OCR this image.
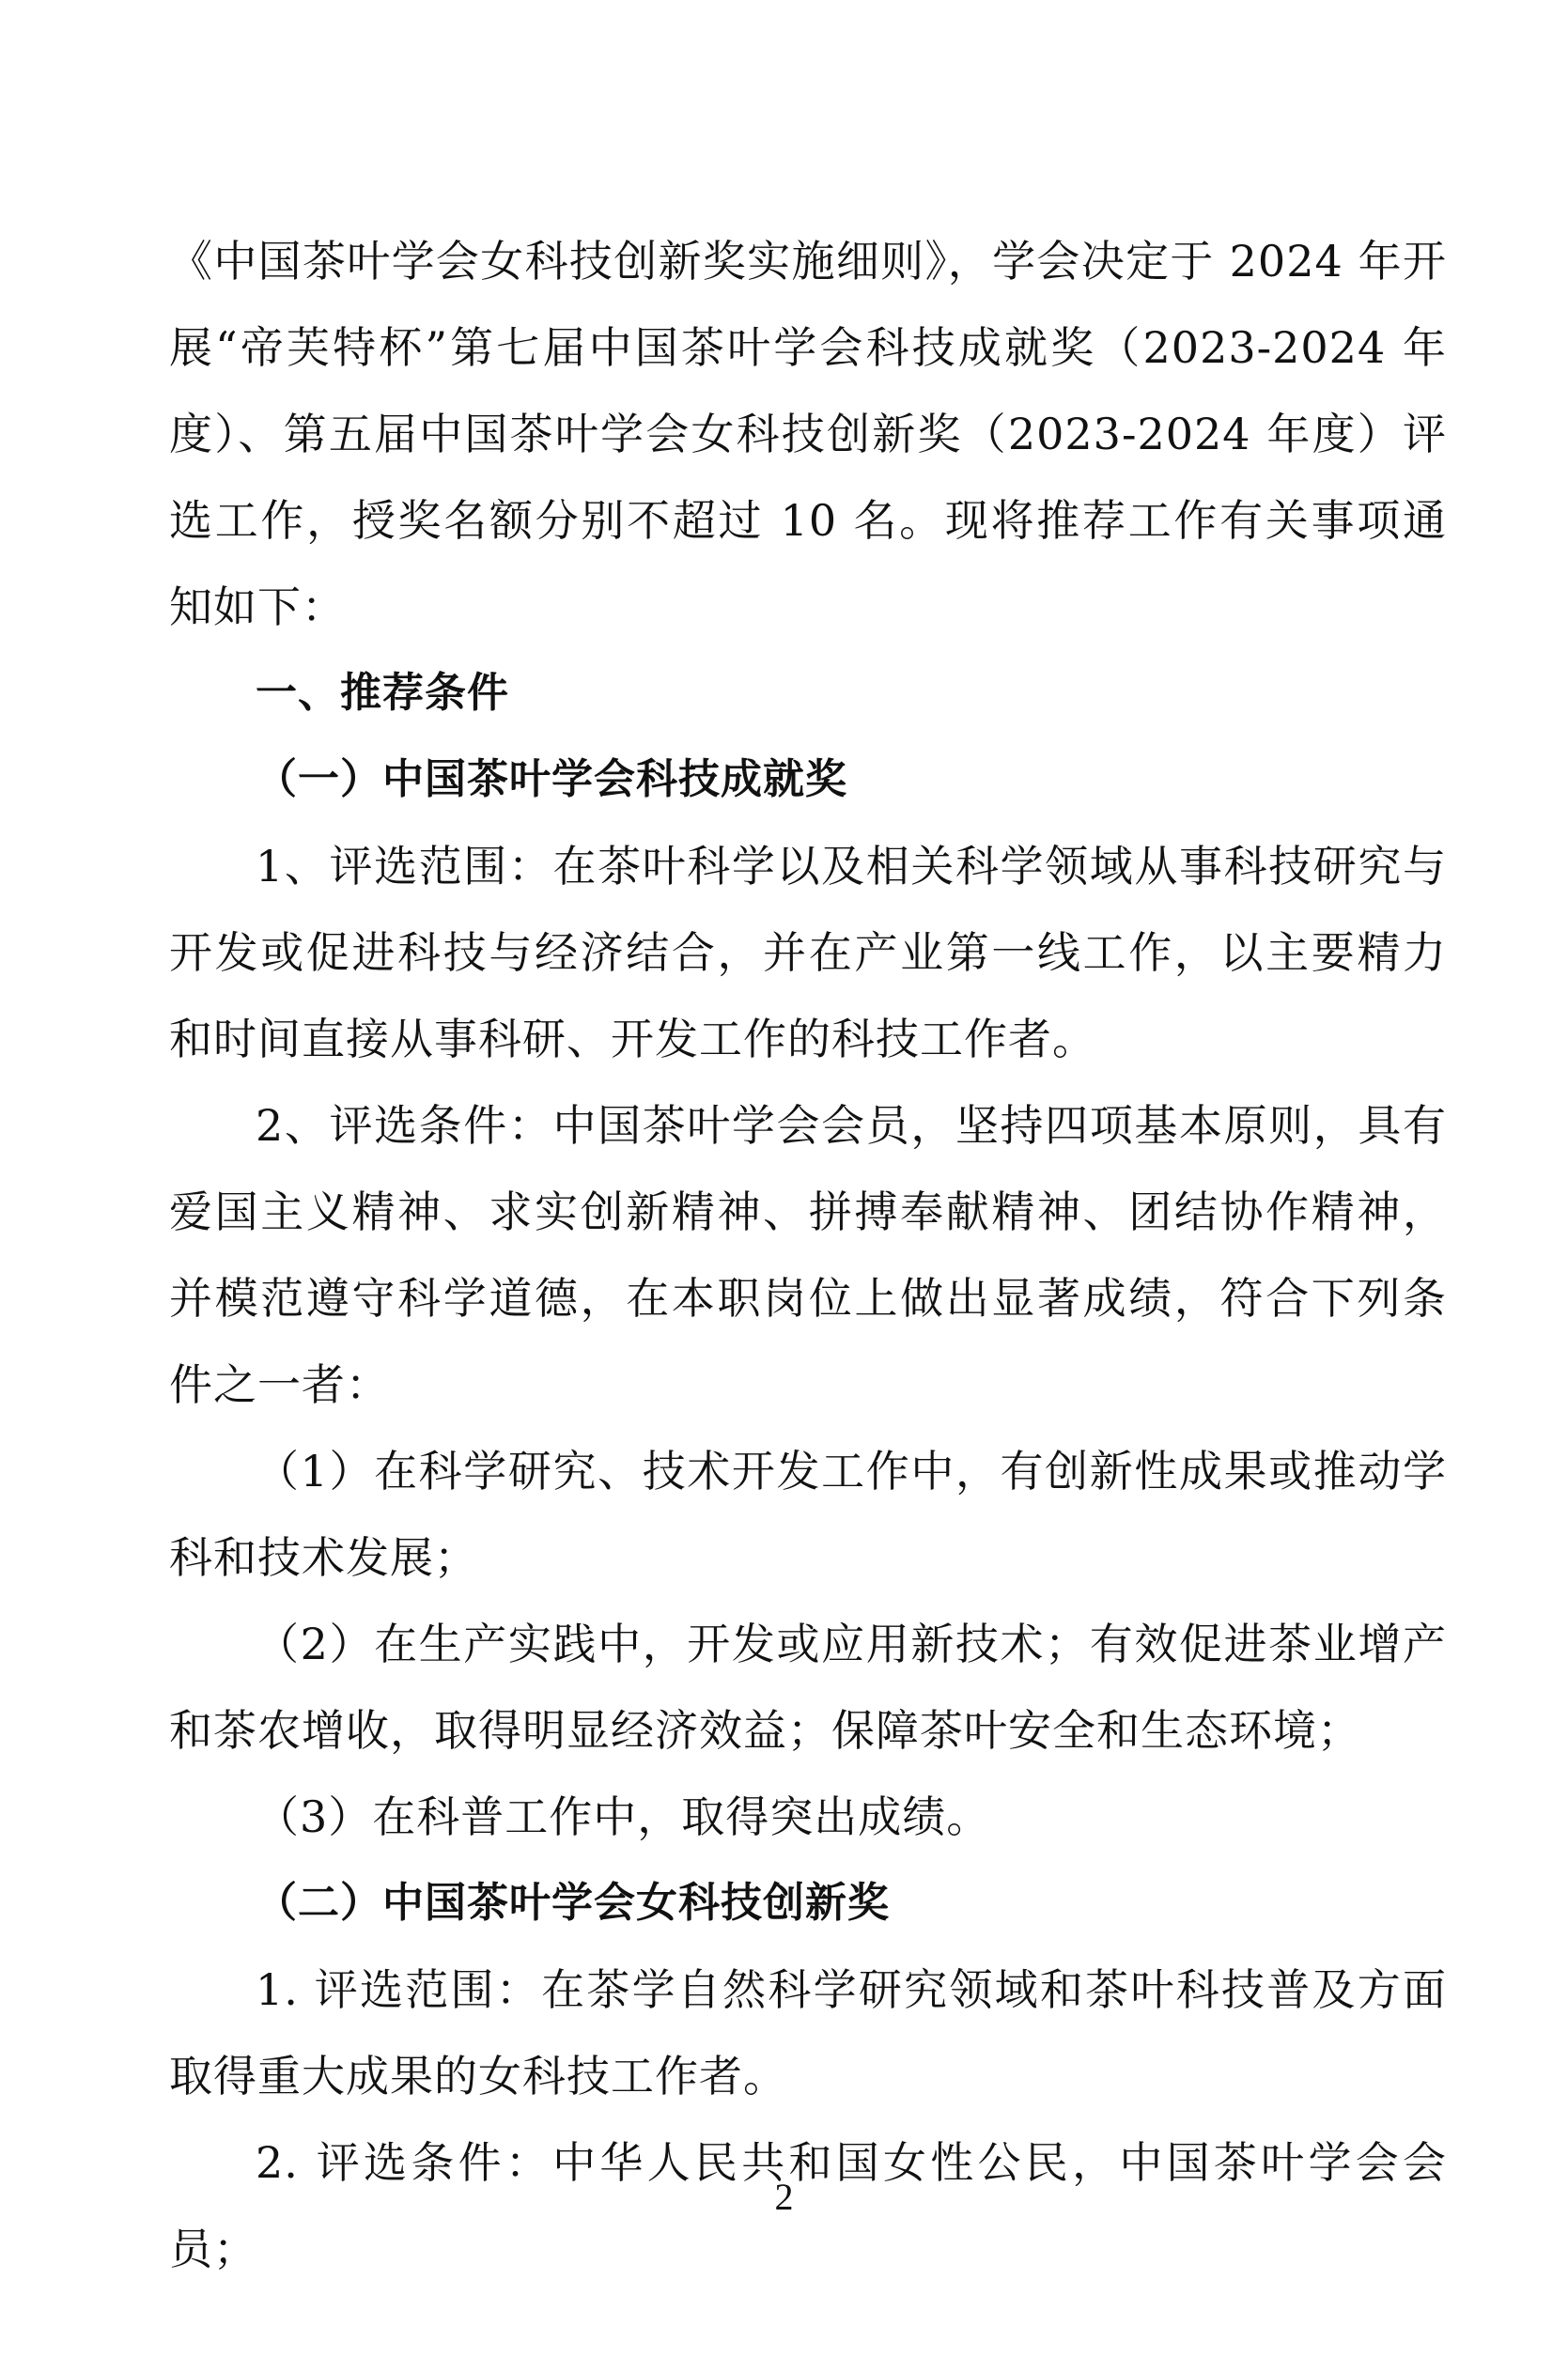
《中国茶叶学会女科技创新奖实施细则》，学会决定于 2024 年开展“帝芙特杯”第七届中国茶叶学会科技成就奖（2023-2024 年度）、第五届中国茶叶学会女科技创新奖（2023-2024 年度）评选工作，授奖名额分别不超过 10 名。现将推荐工作有关事项通知如下：

一、推荐条件

（一）中国茶叶学会科技成就奖

1、评选范围：在茶叶科学以及相关科学领域从事科技研究与开发或促进科技与经济结合，并在产业第一线工作，以主要精力和时间直接从事科研、开发工作的科技工作者。

2、评选条件：中国茶叶学会会员，坚持四项基本原则，具有爱国主义精神、求实创新精神、拼搏奉献精神、团结协作精神，并模范遵守科学道德，在本职岗位上做出显著成绩，符合下列条件之一者：

（1）在科学研究、技术开发工作中，有创新性成果或推动学科和技术发展；

（2）在生产实践中，开发或应用新技术；有效促进茶业增产和茶农增收，取得明显经济效益；保障茶叶安全和生态环境；

（3）在科普工作中，取得突出成绩。

（二）中国茶叶学会女科技创新奖

1. 评选范围：在茶学自然科学研究领域和茶叶科技普及方面取得重大成果的女科技工作者。

2. 评选条件：中华人民共和国女性公民，中国茶叶学会会员；

2
